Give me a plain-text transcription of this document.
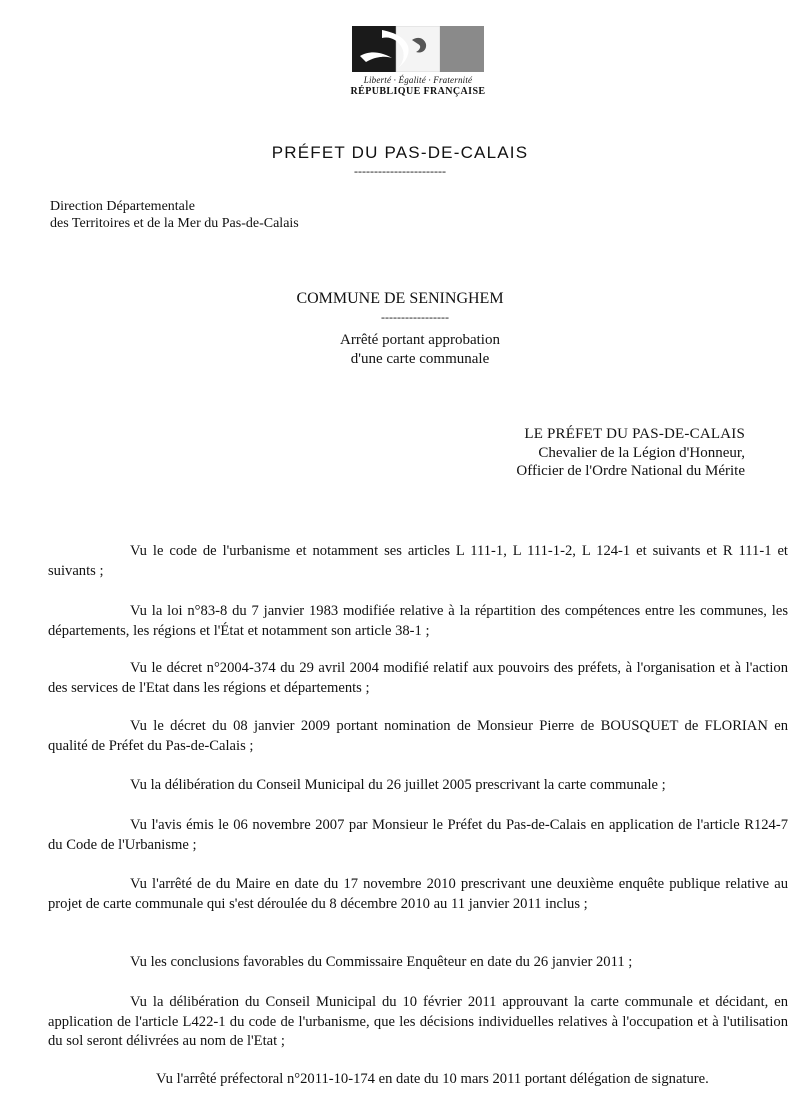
Liberté · Égalité · Fraternité
RÉPUBLIQUE FRANÇAISE
PRÉFET DU PAS-DE-CALAIS
-----------------------
Direction Départementale
des Territoires et de la Mer du Pas-de-Calais
COMMUNE DE SENINGHEM
-----------------
Arrêté portant approbation
d'une carte communale
LE PRÉFET DU PAS-DE-CALAIS
Chevalier de la Légion d'Honneur,
Officier de l'Ordre National du Mérite
Vu le code de l'urbanisme et notamment ses articles L 111-1, L 111-1-2, L 124-1 et suivants et R 111-1 et suivants ;
Vu la loi n°83-8 du 7 janvier 1983 modifiée relative à la répartition des compétences entre les communes, les départements, les régions et l'État et notamment son article 38-1 ;
Vu le décret n°2004-374 du 29 avril 2004 modifié relatif aux pouvoirs des préfets, à l'organisation et à l'action des services de l'Etat dans les régions et départements ;
Vu le décret du 08 janvier 2009 portant nomination de Monsieur Pierre de BOUSQUET de FLORIAN en qualité de Préfet du Pas-de-Calais ;
Vu la délibération du Conseil Municipal du 26 juillet 2005 prescrivant la carte communale ;
Vu l'avis émis le 06 novembre 2007 par Monsieur le Préfet du Pas-de-Calais en application de l'article R124-7 du Code de l'Urbanisme ;
Vu l'arrêté de du Maire en date du 17 novembre 2010 prescrivant une deuxième enquête publique relative au projet de carte communale qui s'est déroulée du 8 décembre 2010 au 11 janvier 2011 inclus ;
Vu les conclusions favorables du Commissaire Enquêteur en date du 26 janvier 2011 ;
Vu la délibération du Conseil Municipal du 10 février 2011 approuvant la carte communale et décidant, en application de l'article L422-1 du code de l'urbanisme, que les décisions individuelles relatives à l'occupation et à l'utilisation du sol seront délivrées au nom de l'Etat ;
Vu l'arrêté préfectoral n°2011-10-174 en date du 10 mars 2011 portant délégation de signature.
